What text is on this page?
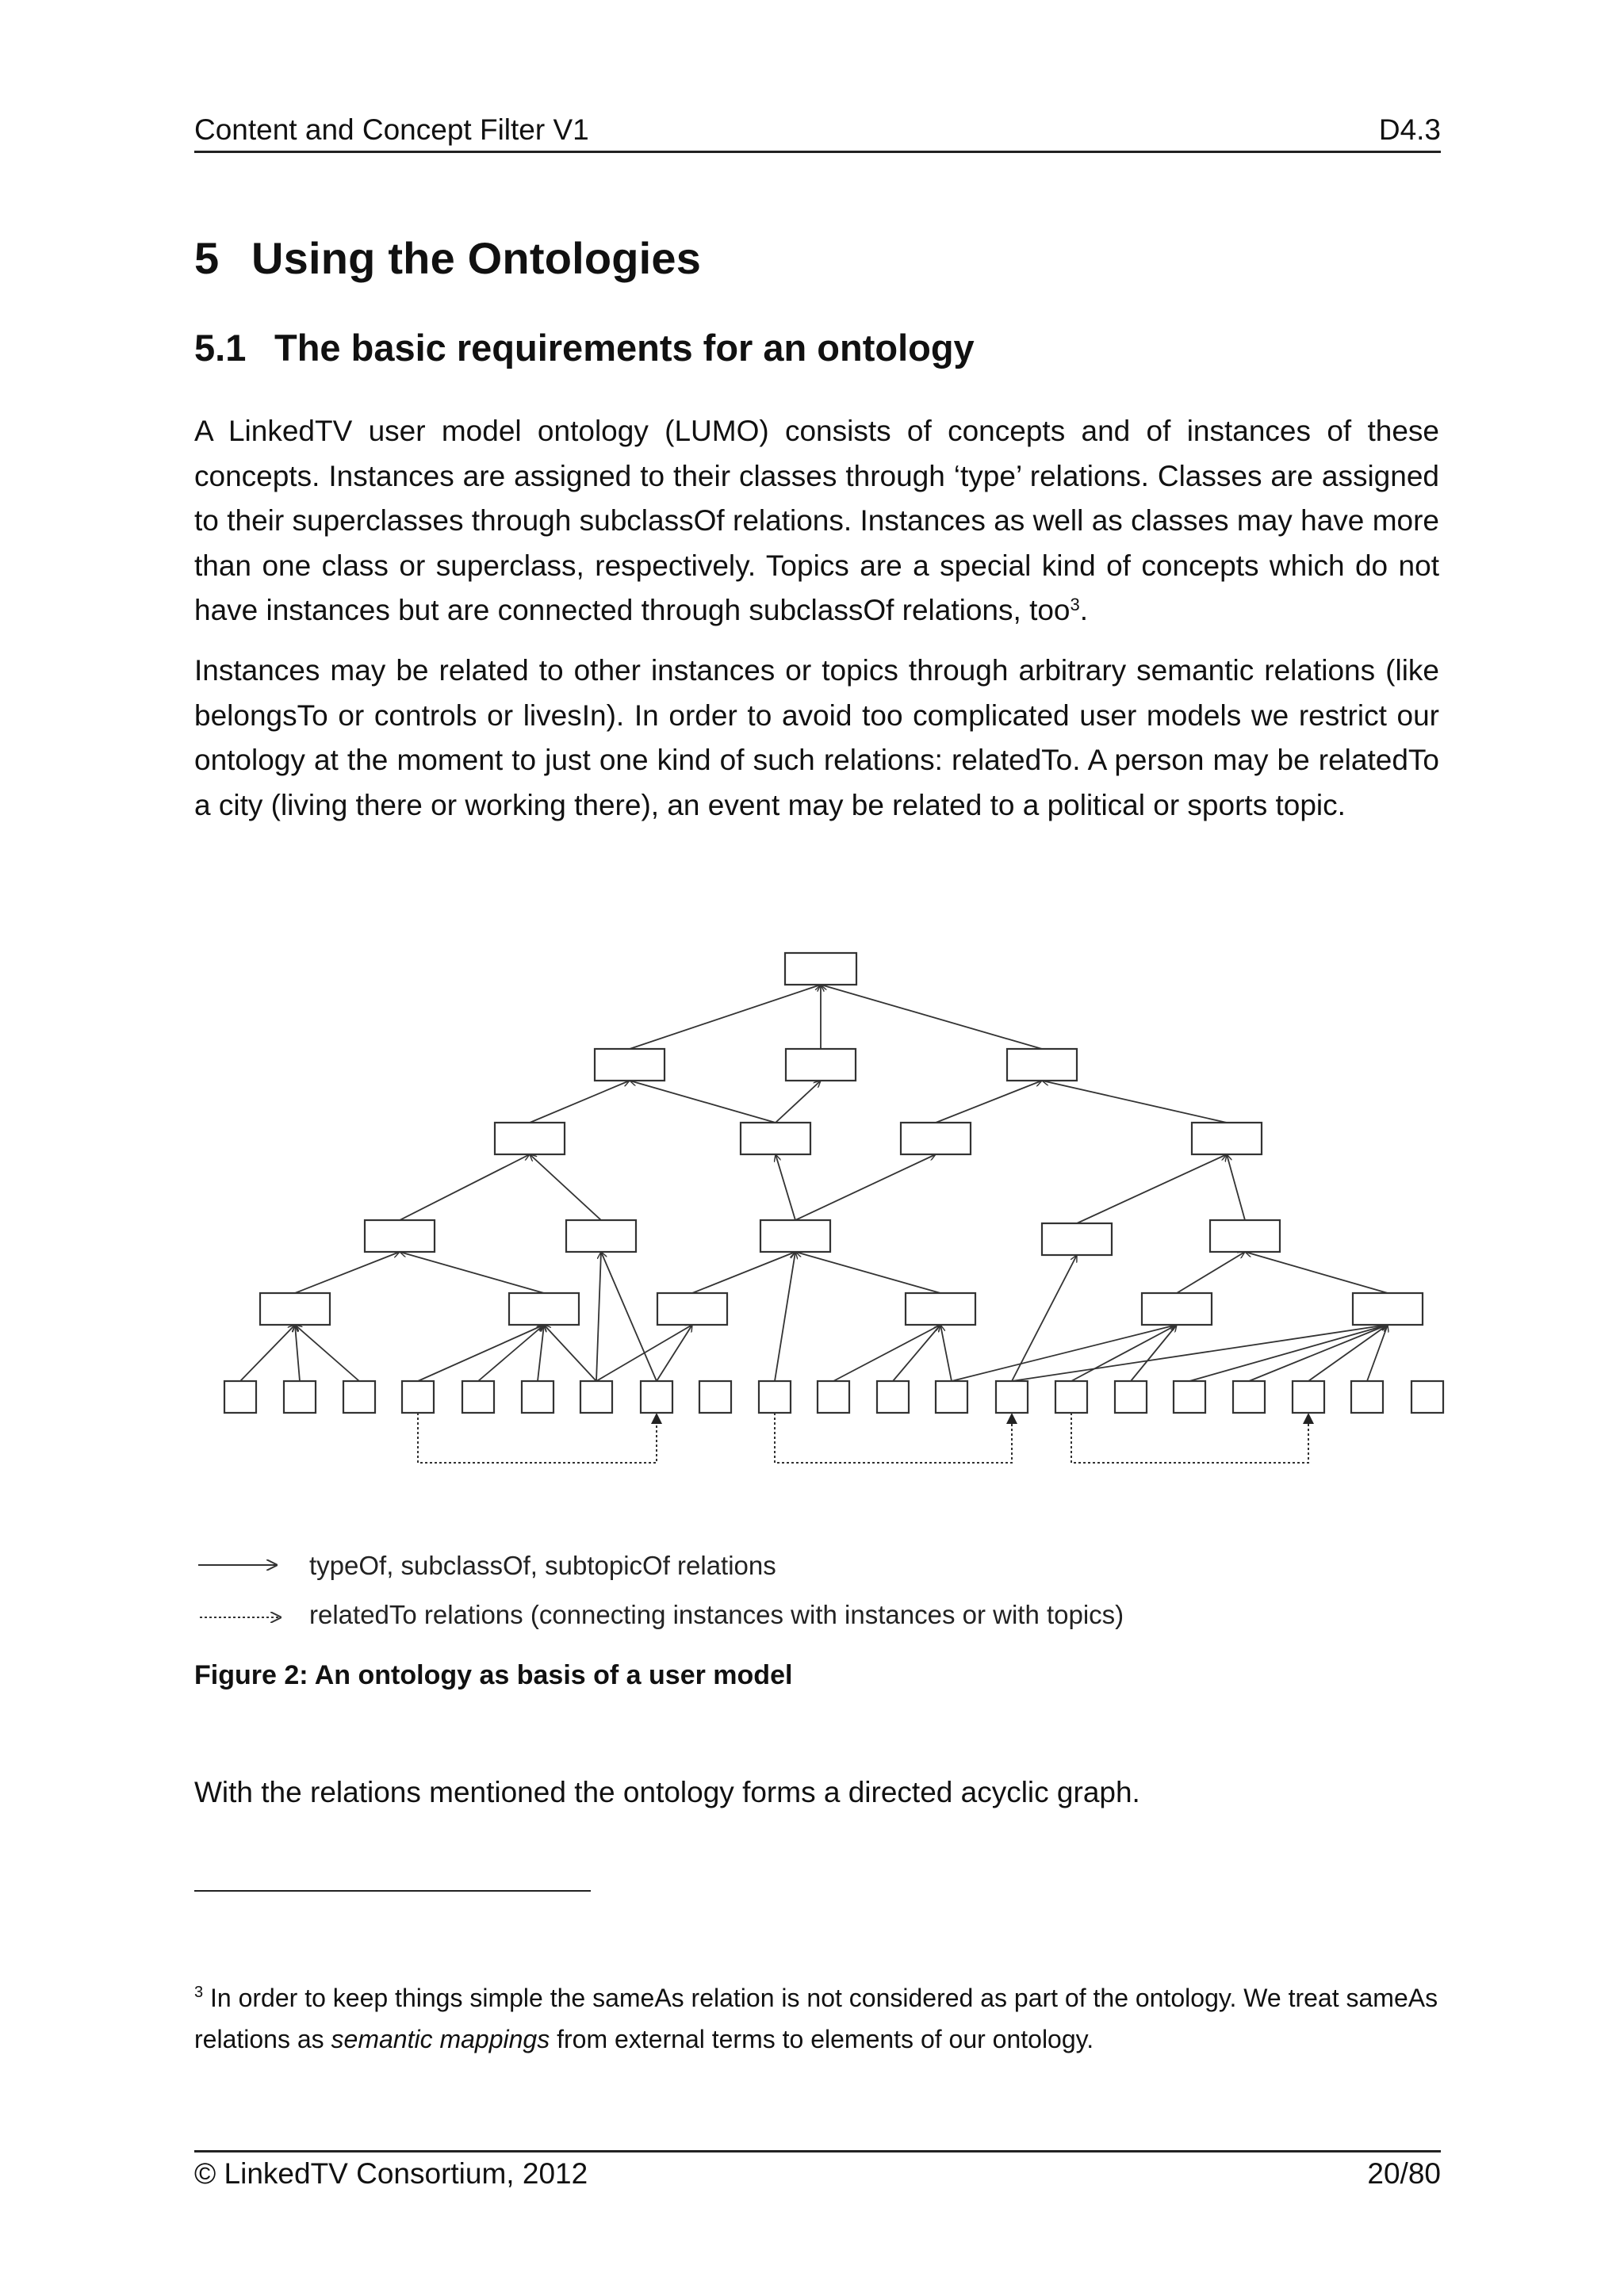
Content and Concept Filter V1	D4.3
5 Using the Ontologies
5.1 The basic requirements for an ontology

A LinkedTV user model ontology (LUMO) consists of concepts and of instances of these concepts. Instances are assigned to their classes through ‘type’ relations. Classes are assigned to their superclasses through subclassOf relations. Instances as well as classes may have more than one class or superclass, respectively. Topics are a special kind of concepts which do not have instances but are connected through subclassOf relations, too$^3$.

Instances may be related to other instances or topics through arbitrary semantic relations (like belongsTo or controls or livesIn). In order to avoid too complicated user models we restrict our ontology at the moment to just one kind of such relations: relatedTo. A person may be relatedTo a city (living there or working there), an event may be related to a political or sports topic.

typeOf, subclassOf, subtopicOf relations
relatedTo relations (connecting instances with instances or with topics)
Figure 2: An ontology as basis of a user model
With the relations mentioned the ontology forms a directed acyclic graph.
$^3$ In order to keep things simple the sameAs relation is not considered as part of the ontology. We treat sameAs relations as semantic mappings from external terms to elements of our ontology.
© LinkedTV Consortium, 2012	20/80
